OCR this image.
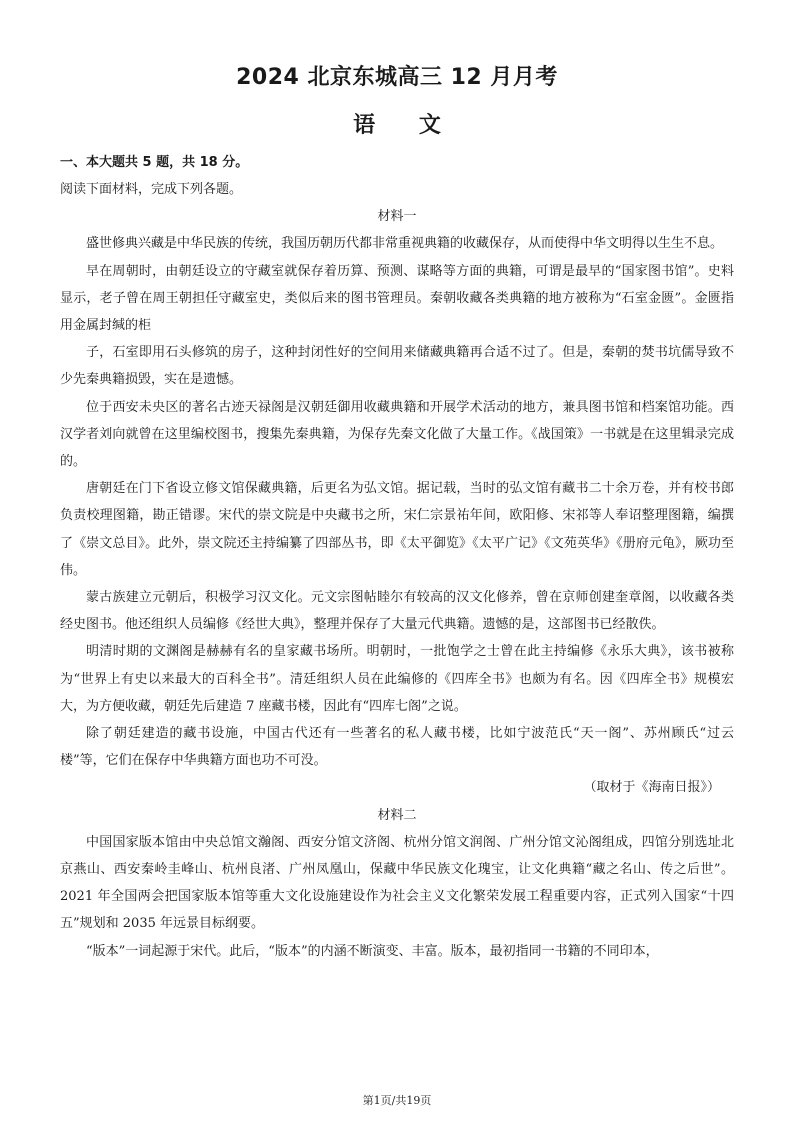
2024 北京东城高三 12 月月考
语 文

一、本大题共 5 题，共 18 分。

阅读下面材料，完成下列各题。

材料一

盛世修典兴藏是中华民族的传统，我国历朝历代都非常重视典籍的收藏保存，从而使得中华文明得以生生不息。

早在周朝时，由朝廷设立的守藏室就保存着历算、预测、谋略等方面的典籍，可谓是最早的“国家图书馆”。史料显示，老子曾在周王朝担任守藏室史，类似后来的图书管理员。秦朝收藏各类典籍的地方被称为“石室金匮”。金匮指用金属封缄的柜

子，石室即用石头修筑的房子，这种封闭性好的空间用来储藏典籍再合适不过了。但是，秦朝的焚书坑儒导致不少先秦典籍损毁，实在是遗憾。

位于西安未央区的著名古迹天禄阁是汉朝廷御用收藏典籍和开展学术活动的地方，兼具图书馆和档案馆功能。西汉学者刘向就曾在这里编校图书，搜集先秦典籍，为保存先秦文化做了大量工作。《战国策》一书就是在这里辑录完成的。

唐朝廷在门下省设立修文馆保藏典籍，后更名为弘文馆。据记载，当时的弘文馆有藏书二十余万卷，并有校书郎负责校理图籍，勘正错谬。宋代的崇文院是中央藏书之所，宋仁宗景祐年间，欧阳修、宋祁等人奉诏整理图籍，编撰了《崇文总目》。此外，崇文院还主持编纂了四部丛书，即《太平御览》《太平广记》《文苑英华》《册府元龟》，厥功至伟。

蒙古族建立元朝后，积极学习汉文化。元文宗图帖睦尔有较高的汉文化修养，曾在京师创建奎章阁，以收藏各类经史图书。他还组织人员编修《经世大典》，整理并保存了大量元代典籍。遗憾的是，这部图书已经散佚。

明清时期的文渊阁是赫赫有名的皇家藏书场所。明朝时，一批饱学之士曾在此主持编修《永乐大典》，该书被称为“世界上有史以来最大的百科全书”。清廷组织人员在此编修的《四库全书》也颇为有名。因《四库全书》规模宏大，为方便收藏，朝廷先后建造 7 座藏书楼，因此有“四库七阁”之说。

除了朝廷建造的藏书设施，中国古代还有一些著名的私人藏书楼，比如宁波范氏“天一阁”、苏州顾氏“过云楼”等，它们在保存中华典籍方面也功不可没。

（取材于《海南日报》）

材料二

中国国家版本馆由中央总馆文瀚阁、西安分馆文济阁、杭州分馆文润阁、广州分馆文沁阁组成，四馆分别选址北京燕山、西安秦岭圭峰山、杭州良渚、广州凤凰山，保藏中华民族文化瑰宝，让文化典籍“藏之名山、传之后世”。2021 年全国两会把国家版本馆等重大文化设施建设作为社会主义文化繁荣发展工程重要内容，正式列入国家“十四五”规划和 2035 年远景目标纲要。

“版本”一词起源于宋代。此后，“版本”的内涵不断演变、丰富。版本，最初指同一书籍的不同印本，

第1页/共19页
